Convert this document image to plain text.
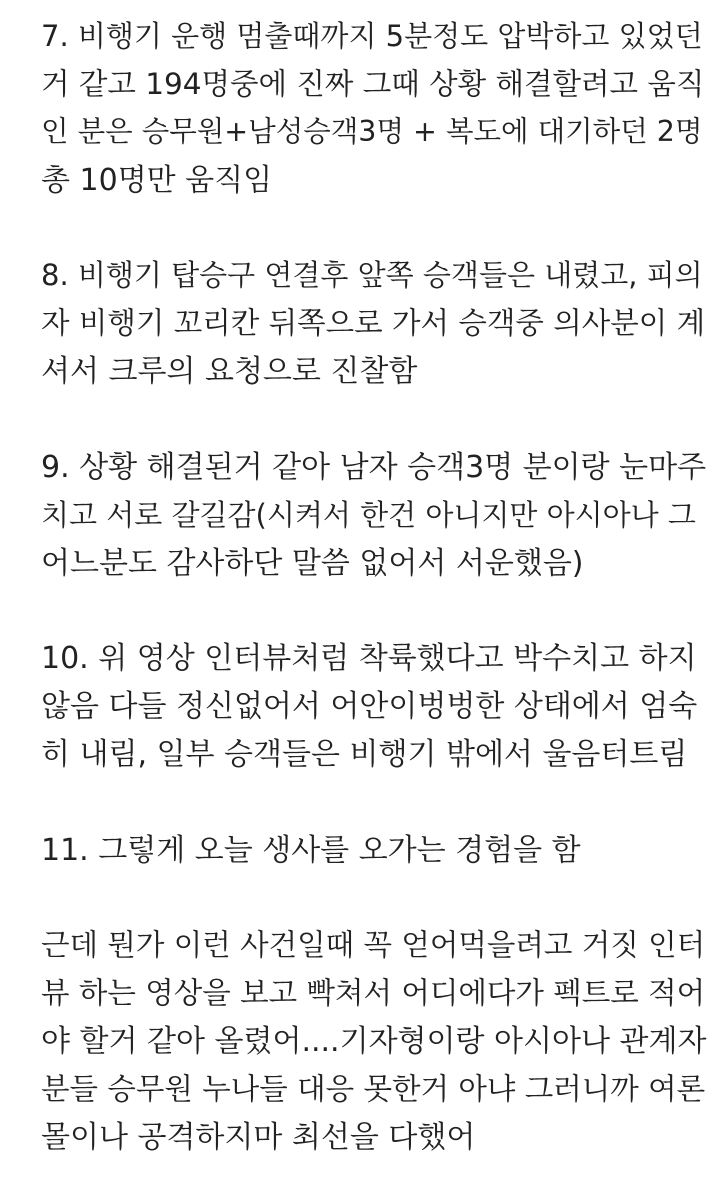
7. 비행기 운행 멈출때까지 5분정도 압박하고 있었던

거 같고 194명중에 진짜 그때 상황 해결할려고 움직

인 분은 승무원+남성승객3명 + 복도에 대기하던 2명

총 10명만 움직임

8. 비행기 탑승구 연결후 앞쪽 승객들은 내렸고, 피의

자 비행기 꼬리칸 뒤쪽으로 가서 승객중 의사분이 계

셔서 크루의 요청으로 진찰함

9. 상황 해결된거 같아 남자 승객3명 분이랑 눈마주

치고 서로 갈길감(시켜서 한건 아니지만 아시아나 그

어느분도 감사하단 말씀 없어서 서운했음)

10. 위 영상 인터뷰처럼 착륙했다고 박수치고 하지

않음 다들 정신없어서 어안이벙벙한 상태에서 엄숙

히 내림, 일부 승객들은 비행기 밖에서 울음터트림

11. 그렇게 오늘 생사를 오가는 경험을 함

근데 뭔가 이런 사건일때 꼭 얻어먹을려고 거짓 인터

뷰 하는 영상을 보고 빡쳐서 어디에다가 펙트로 적어

야 할거 같아 올렸어....기자형이랑 아시아나 관계자

분들 승무원 누나들 대응 못한거 아냐 그러니까 여론

몰이나 공격하지마 최선을 다했어
